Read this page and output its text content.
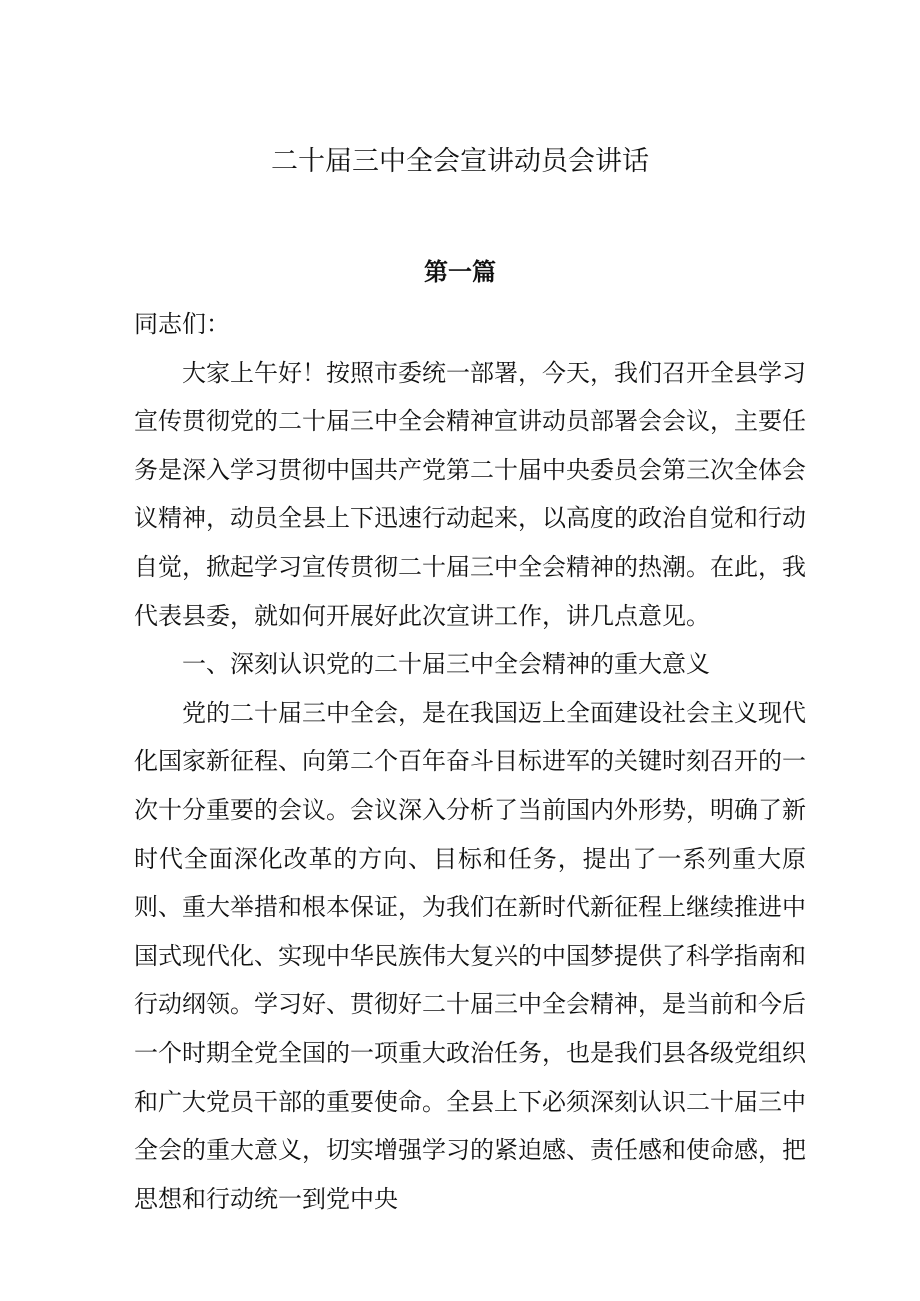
二十届三中全会宣讲动员会讲话
第一篇

同志们：

大家上午好！按照市委统一部署，今天，我们召开全县学习宣传贯彻党的二十届三中全会精神宣讲动员部署会会议，主要任务是深入学习贯彻中国共产党第二十届中央委员会第三次全体会议精神，动员全县上下迅速行动起来，以高度的政治自觉和行动自觉，掀起学习宣传贯彻二十届三中全会精神的热潮。在此，我代表县委，就如何开展好此次宣讲工作，讲几点意见。

一、深刻认识党的二十届三中全会精神的重大意义

党的二十届三中全会，是在我国迈上全面建设社会主义现代化国家新征程、向第二个百年奋斗目标进军的关键时刻召开的一次十分重要的会议。会议深入分析了当前国内外形势，明确了新时代全面深化改革的方向、目标和任务，提出了一系列重大原则、重大举措和根本保证，为我们在新时代新征程上继续推进中国式现代化、实现中华民族伟大复兴的中国梦提供了科学指南和行动纲领。学习好、贯彻好二十届三中全会精神，是当前和今后一个时期全党全国的一项重大政治任务，也是我们县各级党组织和广大党员干部的重要使命。全县上下必须深刻认识二十届三中全会的重大意义，切实增强学习的紧迫感、责任感和使命感，把思想和行动统一到党中央
